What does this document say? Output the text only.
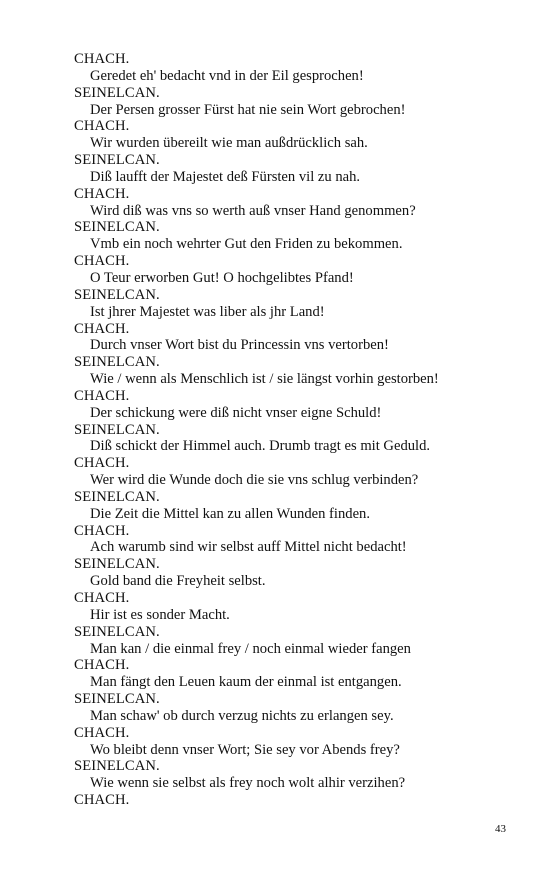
CHACH.
Geredet eh' bedacht vnd in der Eil gesprochen!
SEINELCAN.
Der Persen grosser Fürst hat nie sein Wort gebrochen!
CHACH.
Wir wurden übereilt wie man außdrücklich sah.
SEINELCAN.
Diß laufft der Majestet deß Fürsten vil zu nah.
CHACH.
Wird diß was vns so werth auß vnser Hand genommen?
SEINELCAN.
Vmb ein noch wehrter Gut den Friden zu bekommen.
CHACH.
O Teur erworben Gut! O hochgelibtes Pfand!
SEINELCAN.
Ist jhrer Majestet was liber als jhr Land!
CHACH.
Durch vnser Wort bist du Princessin vns vertorben!
SEINELCAN.
Wie / wenn als Menschlich ist / sie längst vorhin gestorben!
CHACH.
Der schickung were diß nicht vnser eigne Schuld!
SEINELCAN.
Diß schickt der Himmel auch. Drumb tragt es mit Geduld.
CHACH.
Wer wird die Wunde doch die sie vns schlug verbinden?
SEINELCAN.
Die Zeit die Mittel kan zu allen Wunden finden.
CHACH.
Ach warumb sind wir selbst auff Mittel nicht bedacht!
SEINELCAN.
Gold band die Freyheit selbst.
CHACH.
Hir ist es sonder Macht.
SEINELCAN.
Man kan / die einmal frey / noch einmal wieder fangen
CHACH.
Man fängt den Leuen kaum der einmal ist entgangen.
SEINELCAN.
Man schaw' ob durch verzug nichts zu erlangen sey.
CHACH.
Wo bleibt denn vnser Wort; Sie sey vor Abends frey?
SEINELCAN.
Wie wenn sie selbst als frey noch wolt alhir verzihen?
CHACH.
43
